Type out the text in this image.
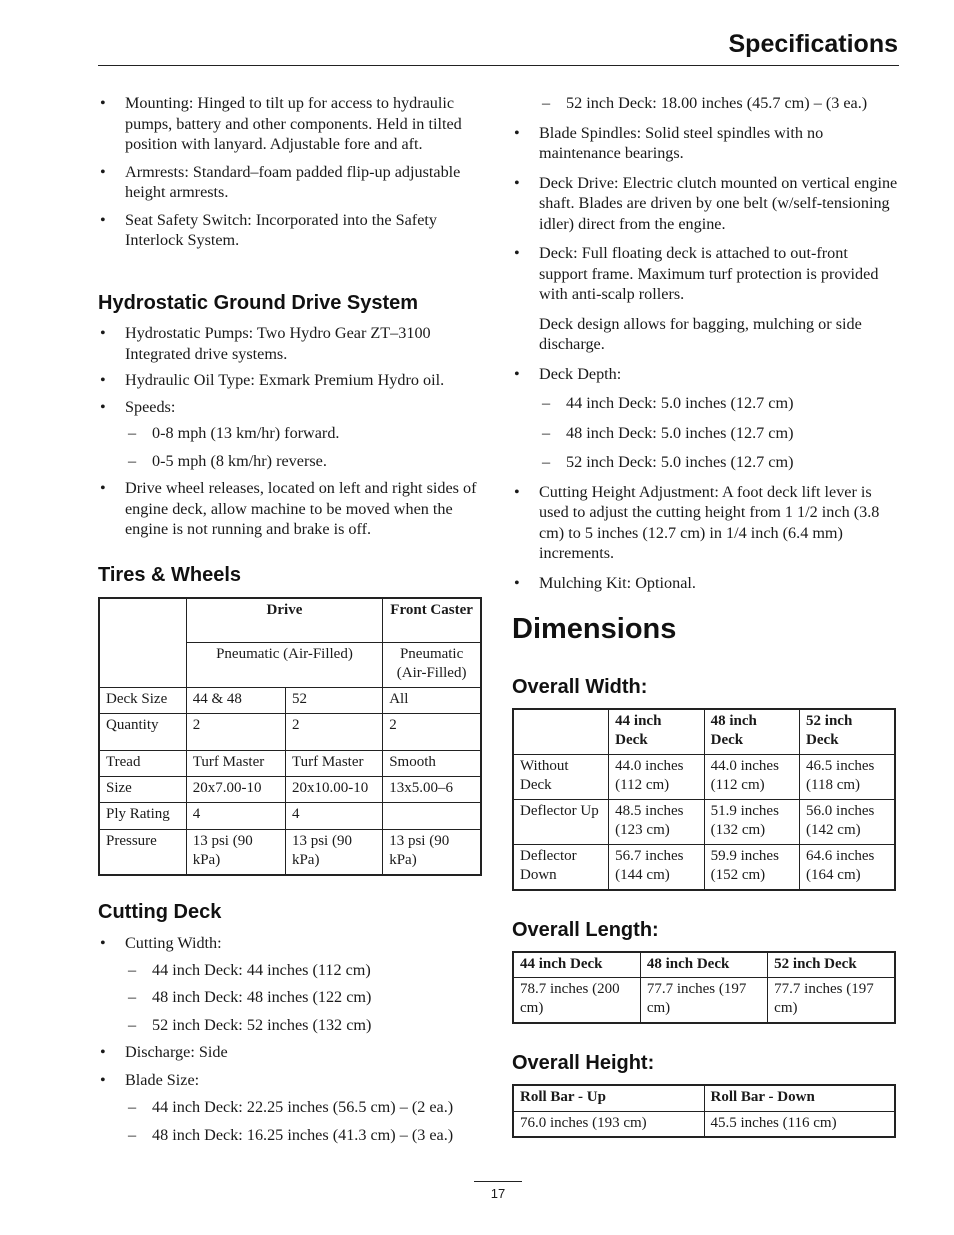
Specifications
• Mounting: Hinged to tilt up for access to hydraulic pumps, battery and other components. Held in tilted position with lanyard. Adjustable fore and aft.
• Armrests: Standard–foam padded flip-up adjustable height armrests.
• Seat Safety Switch: Incorporated into the Safety Interlock System.
Hydrostatic Ground Drive System
• Hydrostatic Pumps: Two Hydro Gear ZT–3100 Integrated drive systems.
• Hydraulic Oil Type: Exmark Premium Hydro oil.
• Speeds:
– 0-8 mph (13 km/hr) forward.
– 0-5 mph (8 km/hr) reverse.
• Drive wheel releases, located on left and right sides of engine deck, allow machine to be moved when the engine is not running and brake is off.
Tires & Wheels
	Drive		Front Caster
	Pneumatic (Air-Filled)		Pneumatic (Air-Filled)
Deck Size	44 & 48	52	All
Quantity	2	2	2
Tread	Turf Master	Turf Master	Smooth
Size	20x7.00-10	20x10.00-10	13x5.00–6
Ply Rating	4	4	
Pressure	13 psi (90 kPa)	13 psi (90 kPa)	13 psi (90 kPa)
Cutting Deck
• Cutting Width:
– 44 inch Deck: 44 inches (112 cm)
– 48 inch Deck: 48 inches (122 cm)
– 52 inch Deck: 52 inches (132 cm)
• Discharge: Side
• Blade Size:
– 44 inch Deck: 22.25 inches (56.5 cm) – (2 ea.)
– 48 inch Deck: 16.25 inches (41.3 cm) – (3 ea.)
– 52 inch Deck: 18.00 inches (45.7 cm) – (3 ea.)
• Blade Spindles: Solid steel spindles with no maintenance bearings.
• Deck Drive: Electric clutch mounted on vertical engine shaft. Blades are driven by one belt (w/self-tensioning idler) direct from the engine.
• Deck: Full floating deck is attached to out-front support frame. Maximum turf protection is provided with anti-scalp rollers.
Deck design allows for bagging, mulching or side discharge.
• Deck Depth:
– 44 inch Deck: 5.0 inches (12.7 cm)
– 48 inch Deck: 5.0 inches (12.7 cm)
– 52 inch Deck: 5.0 inches (12.7 cm)
• Cutting Height Adjustment: A foot deck lift lever is used to adjust the cutting height from 1 1/2 inch (3.8 cm) to 5 inches (12.7 cm) in 1/4 inch (6.4 mm) increments.
• Mulching Kit: Optional.
Dimensions
Overall Width:
	44 inch Deck	48 inch Deck	52 inch Deck
Without Deck	44.0 inches (112 cm)	44.0 inches (112 cm)	46.5 inches (118 cm)
Deflector Up	48.5 inches (123 cm)	51.9 inches (132 cm)	56.0 inches (142 cm)
Deflector Down	56.7 inches (144 cm)	59.9 inches (152 cm)	64.6 inches (164 cm)
Overall Length:
44 inch Deck	48 inch Deck	52 inch Deck
78.7 inches (200 cm)	77.7 inches (197 cm)	77.7 inches (197 cm)
Overall Height:
Roll Bar - Up	Roll Bar - Down
76.0 inches (193 cm)	45.5 inches (116 cm)
17
